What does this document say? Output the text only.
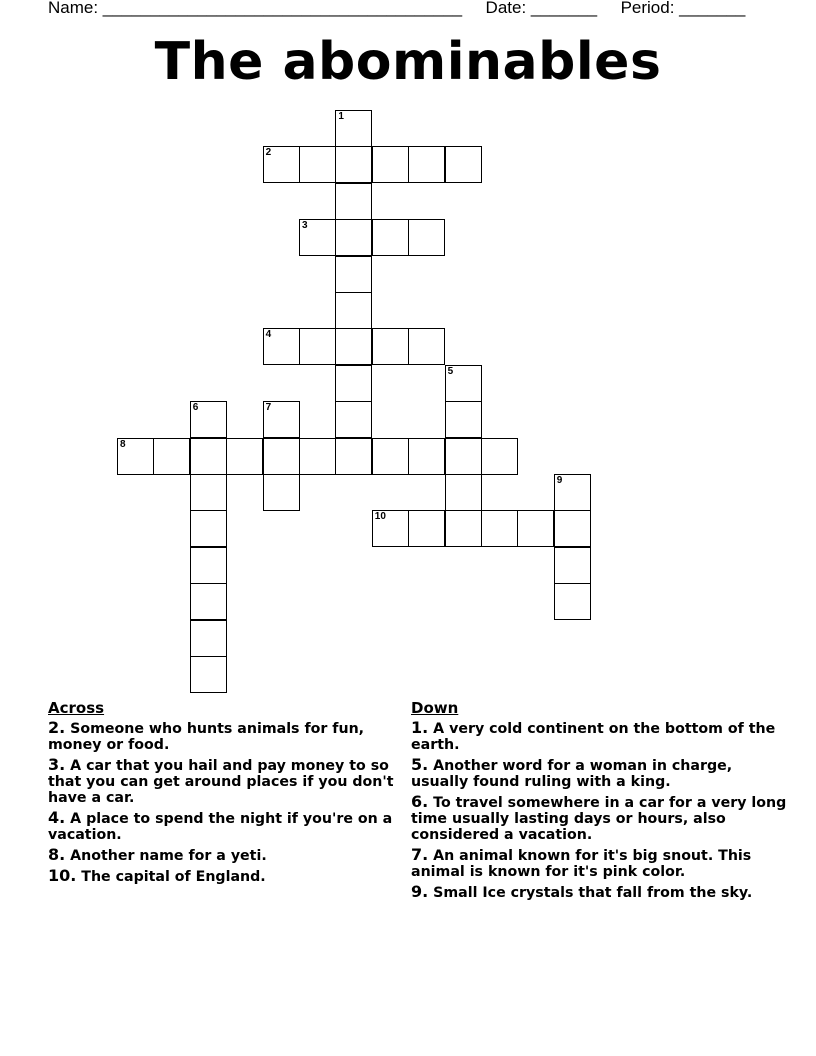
Name: ______________________________________ Date: _______ Period: _______
The abominables
1
2
3
4
5
6	7
8
9
10
Across
2. Someone who hunts animals for fun, money or food.
3. A car that you hail and pay money to so that you can get around places if you don't have a car.
4. A place to spend the night if you're on a vacation.
8. Another name for a yeti.
10. The capital of England.
Down
1. A very cold continent on the bottom of the earth.
5. Another word for a woman in charge, usually found ruling with a king.
6. To travel somewhere in a car for a very long time usually lasting days or hours, also considered a vacation.
7. An animal known for it's big snout. This animal is known for it's pink color.
9. Small Ice crystals that fall from the sky.
